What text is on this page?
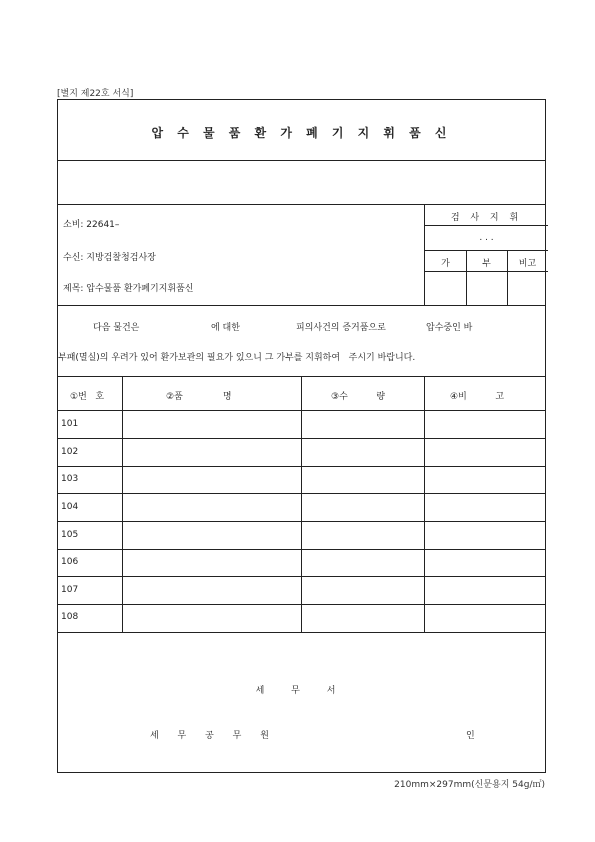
[별지 제22호 서식]
압 수 물 품 환 가 폐 기 지 휘 품 신
소비: 22641–
수신: 지방검찰청검사장
제목: 압수물품 환가폐기지휘품신
검 사 지 휘
. . .
가	부	비고
다음 물건은	에 대한	피의사건의 증거품으로	압수중인 바
부패(멸실)의 우려가 있어 환가보관의 필요가 있으니 그 가부를 지휘하여   주시기 바랍니다.
①번   호	②품              명	③수          량	④비          고
101
102
103
104
105
106
107
108
세 무 서
세 무 공 무 원	인
210mm×297mm(신문용지 54g/㎡)
